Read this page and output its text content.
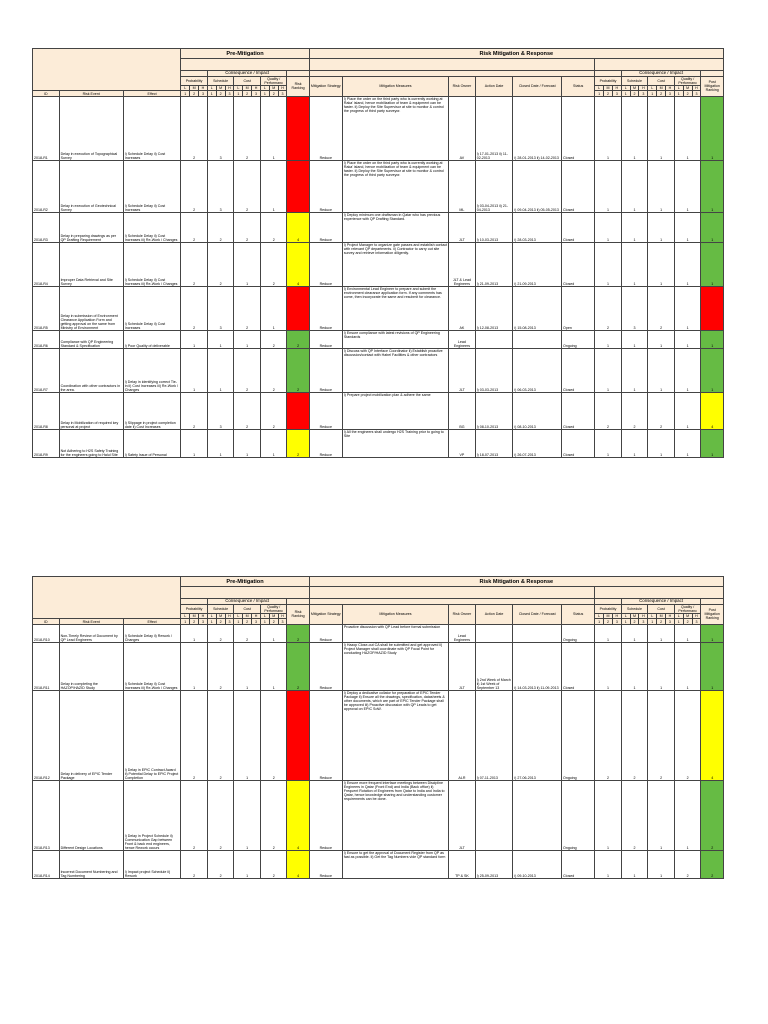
			Pre-Mitigation													Risk Mitigation & Response																		

						Consequence / Impact																			Consequence / Impact									
			Probability			Schedule			Cost			Quality / Performanc			Risk Ranking	Mitigation Strategy	Mitigation Measures	Risk Owner	Action Date	Closed Date / Forecast	Status	Probability			Schedule			Cost			Quality / Performanc			Post Mitigation Ranking
			L	M	H	L	M	H	L	M	H	L	M	H								L	M	H	L	M	H	L	M	H	L	M	H	
ID	Risk Event	Effect	1	2	3	1	2	3	1	2	3	1	2	3								1	2	3	1	2	3	1	2	3	1	2	3	
2018-R1	Delay in execution of Topographical Survey	i) Schedule Delay ii) Cost Increases	2			3			2			1				Reduce	i) Place the order on the third party who is currently working at Raka' island, hence mobilization of team & equipment can be faster. ii) Deploy the Site Supervisor at site to monitor & control the progress of third party surveyor.	AV	i) 17-01-2013 ii) 11-02-2013	i) 28-01-2013 ii) 14-02-2013	Closed	1			1			1			1			1
2018-R2	Delay in execution of Geotechnical Survey	i) Schedule Delay ii) Cost Increases	2			3			2			1				Reduce	i) Place the order on the third party who is currently working at Raka' island, hence mobilization of team & equipment can be faster. ii) Deploy the Site Supervisor at site to monitor & control the progress of third party surveyor.	ML	i) 03-04-2013 ii) 21-04-2013	i) 09-04-2013 ii) 05-05-2013	Closed	1			1			1			1			1
2018-R3	Delay in preparing drawings as per QP Drafting Requirement	i) Schedule Delay ii) Cost Increases iii) Re-Work / Changes	2			2			2			2			4	Reduce	i) Deploy minimum one draftsman in Qatar who has previous experience with QP Drafting Standard.	JLT	i) 10-03-2013	i) 28-03-2013	Closed	1			1			1			1			1
2018-R4	Improper Data Retrieval and Site Survey	i) Schedule Delay ii) Cost Increases iii) Re-Work / Changes	2			2			1			2			4	Reduce	i) Project Manager to organize gate passes and establish contact with relevant QP departments. ii) Contractor to carry out site survey and retrieve information diligently.	JLT & Lead Engineers	i) 21-09-2013	i) 21-09-2013	Closed	1			1			1			1			1
2018-R5	Delay in submission of Environment Clearance Application Form and getting approval on the same from Ministry of Environment	i) Schedule Delay ii) Cost Increases	2			3			2			1				Reduce	i) Environmental Lead Engineer to prepare and submit the environment clearance application form. If any comments has come, then incorporate the same and resubmit for clearance.	AK	i) 12-08-2013	i) 15-08-2013	Open	2			3			2			1			
2018-R6	Compliance with QP Engineering Standard & Specification	i) Poor Quality of deliverable	1			1			1			2			2	Reduce	i) Ensure compliance with latest revisions of QP Engineering Standards	Lead Engineers			Ongoing	1			1			1			1			1
2018-R7	Coordination with other contractors in the area.	i) Delay in identifying correct Tie-in ii) Cost Increases iii) Re-Work / Changes	1			1			2			2			2	Reduce	i) Discuss with QP Interface Coordinator ii) Establish proactive discussion/contact with Habel Facilities & other contractors	JLT	i) 03-03-2013	i) 06-03-2013	Closed	1			1			1			1			1
2018-R8	Delay in Mobilization of required key personal at project	i) Slippage in project completion date ii) Cost Increases	2			3			2			2				Reduce	i) Prepare project mobilization plan & adhere the same	BG	i) 08-10-2013	i) 08-10-2013	Closed	2			2			2			1			4
2018-R9	Not Adhering to H2S Safety Training for the engineers going to Halul Site	i) Safety Issue of Personal	1			1			1			1			2	Reduce	i) All the engineers shall undergo H2S Training prior to going to Site	VP	i) 18-07-2013	i) 26-07-2013	Closed	1			1			1			1			1
			Pre-Mitigation													Risk Mitigation & Response																		

						Consequence / Impact																			Consequence / Impact									
			Probability			Schedule			Cost			Quality / Performanc			Risk Ranking	Mitigation Strategy	Mitigation Measures	Risk Owner	Action Date	Closed Date / Forecast	Status	Probability			Schedule			Cost			Quality / Performanc			Post Mitigation Ranking
			L	M	H	L	M	H	L	M	H	L	M	H								L	M	H	L	M	H	L	M	H	L	M	H	
ID	Risk Event	Effect	1	2	3	1	2	3	1	2	3	1	2	3								1	2	3	1	2	3	1	2	3	1	2	3	
2018-R10	Non-Timely Review of Document by QP Lead Engineers	i) Schedule Delay ii) Rework / Changes	1			2			2			1			2	Reduce	Proactive discussion with QP Lead before formal submission	Lead Engineers			Ongoing	1			1			1			1			1
2018-R11	Delay in completing the HAZOP/HAZID Study	i) Schedule Delay ii) Cost Increases iii) Re-Work / Changes	1			2			1			1			2	Reduce	i) Hazop Close-out CA shall be submitted and get approved ii) Project Manager shall coordinate with QP Focal Point for conducting HAZOP/HAZID Study	JLT	i) 2nd Week of March ii) 1st Week of September 13	i) 14-03-2013 ii) 11-09-2013	Closed	1			1			1			1			1
2018-R12	Delay in delivery of EPIC Tender Package	i) Delay in EPIC Contract Award ii) Potential Delay to EPIC Project Completion	2			2			1			2				Reduce	i) Deploy a dedicative collator for preparation of EPIC Tender Package ii) Ensure all the drawings, specification, datasheets & other documents, which are part of EPIC Tender Package shall be approved iii) Proactive discussion with QP Leads to get approval on EPIC SoW.	ALR	i) 07-11-2013	i) 27-06-2013	Ongoing	2			2			2			2			4
2018-R13	Different Design Locations	i) Delay in Project Schedule ii) Communication Gap between Front & back end engineers, hence Rework occurs	2			2			1			2			4	Reduce	i) Ensure more frequent interface meetings between Discipline Engineers in Qatar (Front End) and India (Back office) ii) Frequent Rotation of Engineers from Qatar to India and India to Qatar, hence knowledge sharing and understanding customer requirements can be done.	JLT			Ongoing	1			2			1			1			2
2018-R14	Incorrect Document Numbering and Tag Numbering	i) Impact project Schedule ii) Rework	2			2			1			2			4	Reduce	i) Ensure to get the approval of Document Register from QP as fast as possible. ii) Get the Tag Numbers vide QP standard form	TP & SK	i) 25-09-2013	i) 09-10-2013	Closed	1			1			1			2			2
